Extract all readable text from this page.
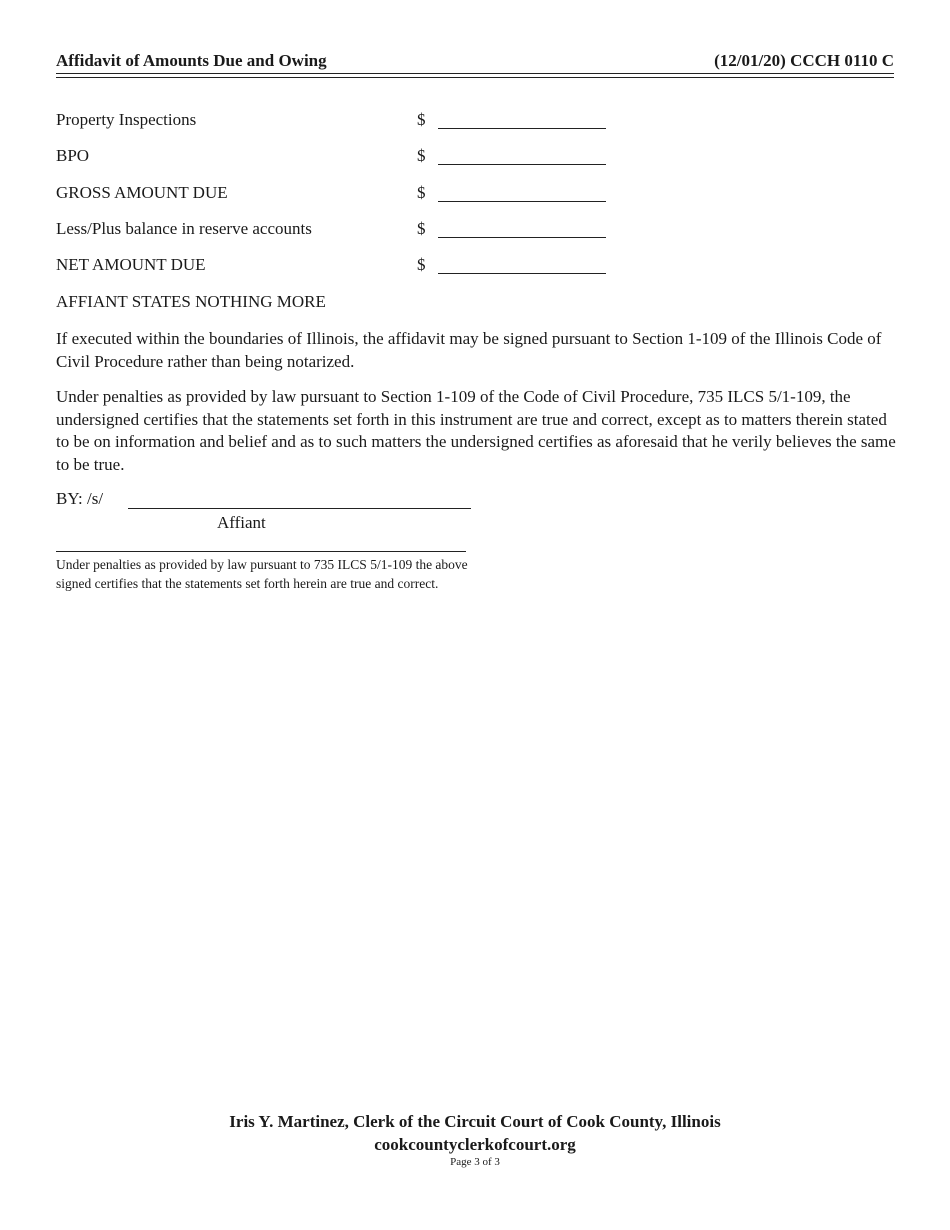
Affidavit of Amounts Due and Owing	(12/01/20) CCCH 0110 C
Property Inspections	$
BPO	$
GROSS AMOUNT DUE	$
Less/Plus balance in reserve accounts	$
NET AMOUNT DUE	$
AFFIANT STATES NOTHING MORE
If executed within the boundaries of Illinois, the affidavit may be signed pursuant to Section 1-109 of the Illinois Code of Civil Procedure rather than being notarized.
Under penalties as provided by law pursuant to Section 1-109 of the Code of Civil Procedure, 735 ILCS 5/1-109, the undersigned certifies that the statements set forth in this instrument are true and correct, except as to matters therein stated to be on information and belief and as to such matters the undersigned certifies as aforesaid that he verily believes the same to be true.
BY: /s/
Affiant
Under penalties as provided by law pursuant to 735 ILCS 5/1-109 the above signed certifies that the statements set forth herein are true and correct.
Iris Y. Martinez, Clerk of the Circuit Court of Cook County, Illinois
cookcountyclerkofcourt.org
Page 3 of 3
